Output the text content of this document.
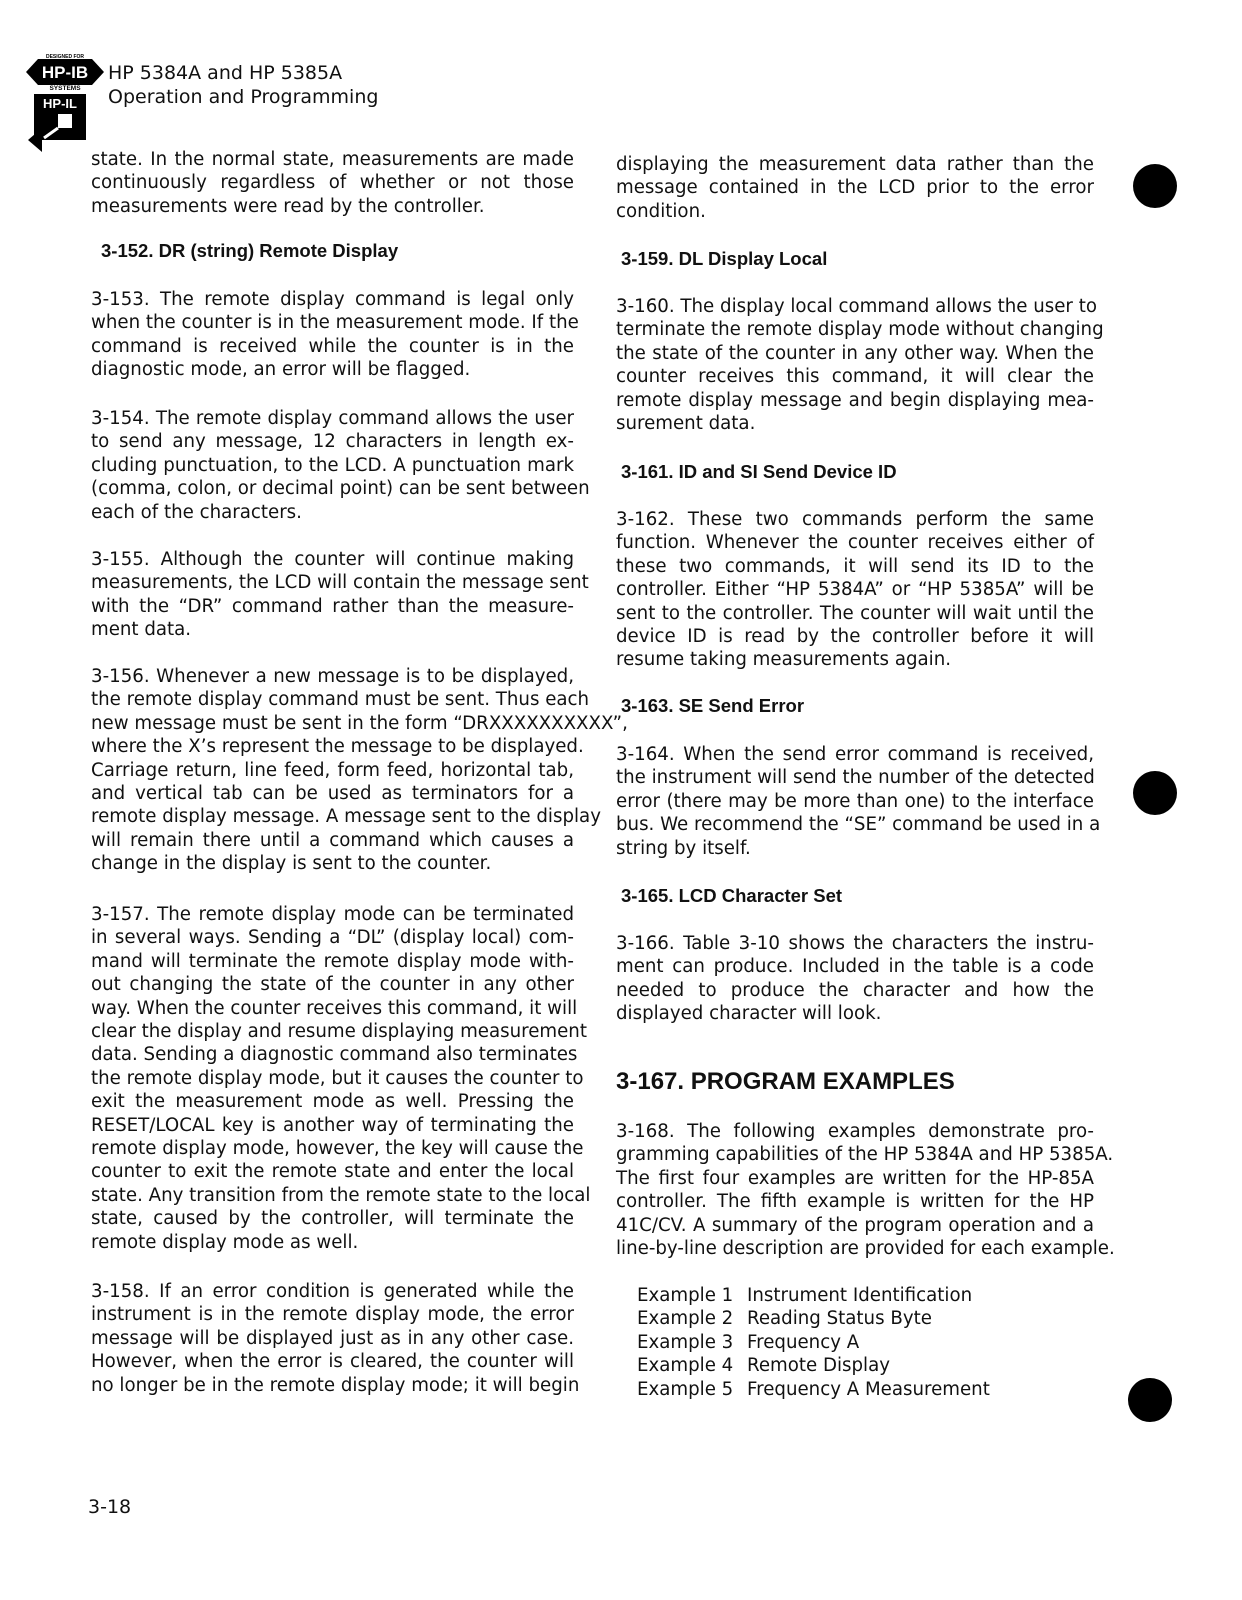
DESIGNED FOR
HP-IB
SYSTEMS
HP-IL
HP 5384A and HP 5385A
Operation and Programming
state. In the normal state, measurements are made
continuously regardless of whether or not those
measurements were read by the controller.
3-152. DR (string) Remote Display
3-153. The remote display command is legal only
when the counter is in the measurement mode. If the
command is received while the counter is in the
diagnostic mode, an error will be flagged.
3-154. The remote display command allows the user
to send any message, 12 characters in length ex-
cluding punctuation, to the LCD. A punctuation mark
(comma, colon, or decimal point) can be sent between
each of the characters.
3-155. Although the counter will continue making
measurements, the LCD will contain the message sent
with the “DR” command rather than the measure-
ment data.
3-156. Whenever a new message is to be displayed,
the remote display command must be sent. Thus each
new message must be sent in the form “DRXXXXXXXXXX”,
where the X’s represent the message to be displayed.
Carriage return, line feed, form feed, horizontal tab,
and vertical tab can be used as terminators for a
remote display message. A message sent to the display
will remain there until a command which causes a
change in the display is sent to the counter.
3-157. The remote display mode can be terminated
in several ways. Sending a “DL” (display local) com-
mand will terminate the remote display mode with-
out changing the state of the counter in any other
way. When the counter receives this command, it will
clear the display and resume displaying measurement
data. Sending a diagnostic command also terminates
the remote display mode, but it causes the counter to
exit the measurement mode as well. Pressing the
RESET/LOCAL key is another way of terminating the
remote display mode, however, the key will cause the
counter to exit the remote state and enter the local
state. Any transition from the remote state to the local
state, caused by the controller, will terminate the
remote display mode as well.
3-158. If an error condition is generated while the
instrument is in the remote display mode, the error
message will be displayed just as in any other case.
However, when the error is cleared, the counter will
no longer be in the remote display mode; it will begin
displaying the measurement data rather than the
message contained in the LCD prior to the error
condition.
3-159. DL Display Local
3-160. The display local command allows the user to
terminate the remote display mode without changing
the state of the counter in any other way. When the
counter receives this command, it will clear the
remote display message and begin displaying mea-
surement data.
3-161. ID and SI Send Device ID
3-162. These two commands perform the same
function. Whenever the counter receives either of
these two commands, it will send its ID to the
controller. Either “HP 5384A” or “HP 5385A” will be
sent to the controller. The counter will wait until the
device ID is read by the controller before it will
resume taking measurements again.
3-163. SE Send Error
3-164. When the send error command is received,
the instrument will send the number of the detected
error (there may be more than one) to the interface
bus. We recommend the “SE” command be used in a
string by itself.
3-165. LCD Character Set
3-166. Table 3-10 shows the characters the instru-
ment can produce. Included in the table is a code
needed to produce the character and how the
displayed character will look.
3-168. The following examples demonstrate pro-
gramming capabilities of the HP 5384A and HP 5385A.
The first four examples are written for the HP-85A
controller. The fifth example is written for the HP
41C/CV. A summary of the program operation and a
line-by-line description are provided for each example.
3-167. PROGRAM EXAMPLES
Example 1 Instrument Identification
Example 2 Reading Status Byte
Example 3 Frequency A
Example 4 Remote Display
Example 5 Frequency A Measurement
3-18
